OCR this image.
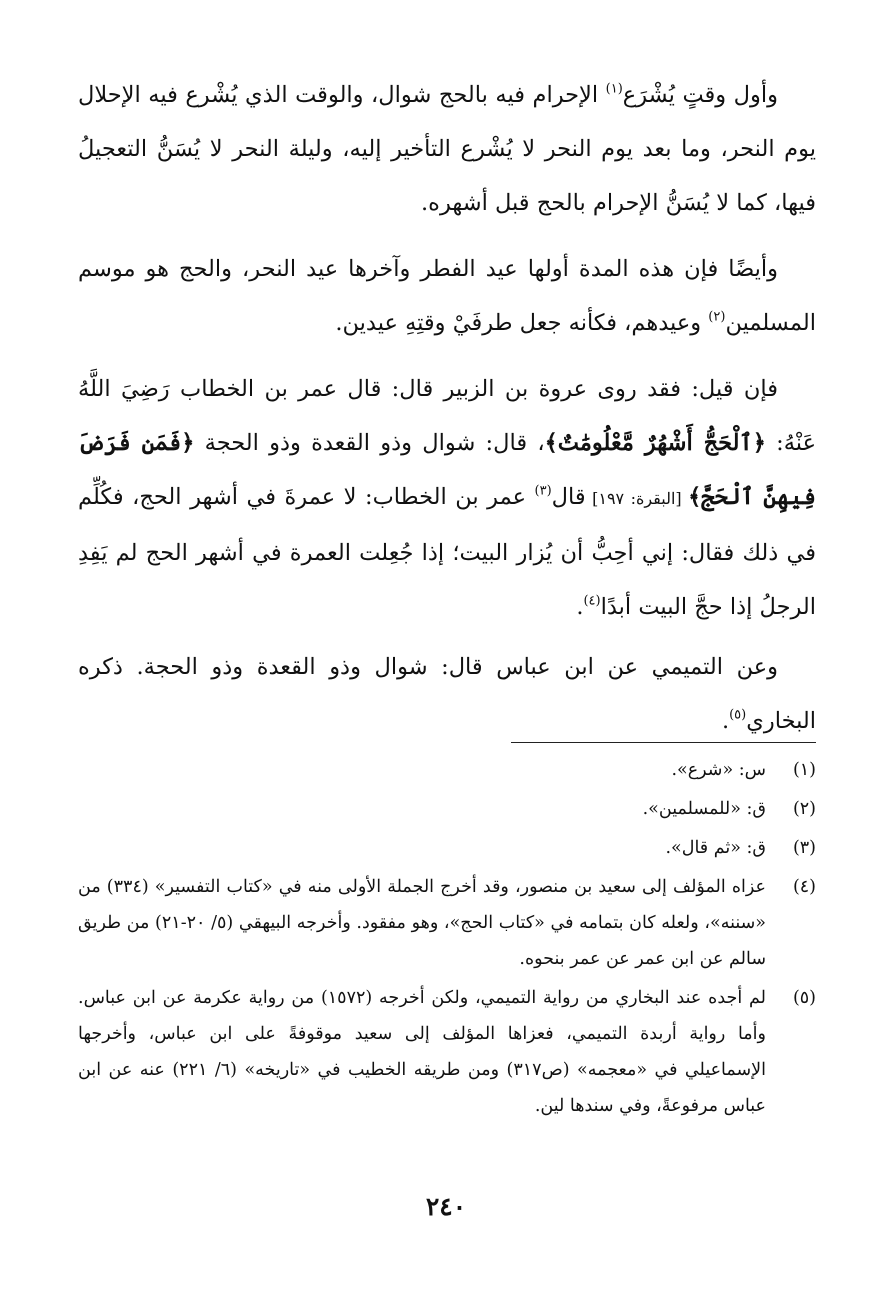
وأول وقتٍ يُشْرَع$^{(١)}$ الإحرام فيه بالحج شوال، والوقت الذي يُشْرع فيه الإحلال يوم النحر، وما بعد يوم النحر لا يُشْرع التأخير إليه، وليلة النحر لا يُسَنُّ التعجيلُ فيها، كما لا يُسَنُّ الإحرام بالحج قبل أشهره.

وأيضًا فإن هذه المدة أولها عيد الفطر وآخرها عيد النحر، والحج هو موسم المسلمين$^{(٢)}$ وعيدهم، فكأنه جعل طرفَيْ وقتِهِ عيدين.

فإن قيل: فقد روى عروة بن الزبير قال: قال عمر بن الخطاب رَضِيَ اللَّهُ عَنْهُ: ﴿ٱلْحَجُّ أَشْهُرٌ مَّعْلُومَٰتٌ﴾، قال: شوال وذو القعدة وذو الحجة ﴿فَمَن فَرَضَ فِيهِنَّ ٱلْحَجَّ﴾ [البقرة: ١٩٧] قال$^{(٣)}$ عمر بن الخطاب: لا عمرةَ في أشهر الحج، فكُلِّم في ذلك فقال: إني أحِبُّ أن يُزار البيت؛ إذا جُعِلت العمرة في أشهر الحج لم يَفِدِ الرجلُ إذا حجَّ البيت أبدًا$^{(٤)}$.

وعن التميمي عن ابن عباس قال: شوال وذو القعدة وذو الحجة. ذكره البخاري$^{(٥)}$.

(١)
س: «شرع».
(٢)
ق: «للمسلمين».
(٣)
ق: «ثم قال».
(٤)
عزاه المؤلف إلى سعيد بن منصور، وقد أخرج الجملة الأولى منه في «كتاب التفسير» (٣٣٤) من «سننه»، ولعله كان بتمامه في «كتاب الحج»، وهو مفقود. وأخرجه البيهقي (٥/ ٢٠-٢١) من طريق سالم عن ابن عمر عن عمر بنحوه.
(٥)
لم أجده عند البخاري من رواية التميمي، ولكن أخرجه (١٥٧٢) من رواية عكرمة عن ابن عباس. وأما رواية أربدة التميمي، فعزاها المؤلف إلى سعيد موقوفةً على ابن عباس، وأخرجها الإسماعيلي في «معجمه» (ص٣١٧) ومن طريقه الخطيب في «تاريخه» (٦/ ٢٢١) عنه عن ابن عباس مرفوعةً، وفي سندها لين.
٢٤٠
